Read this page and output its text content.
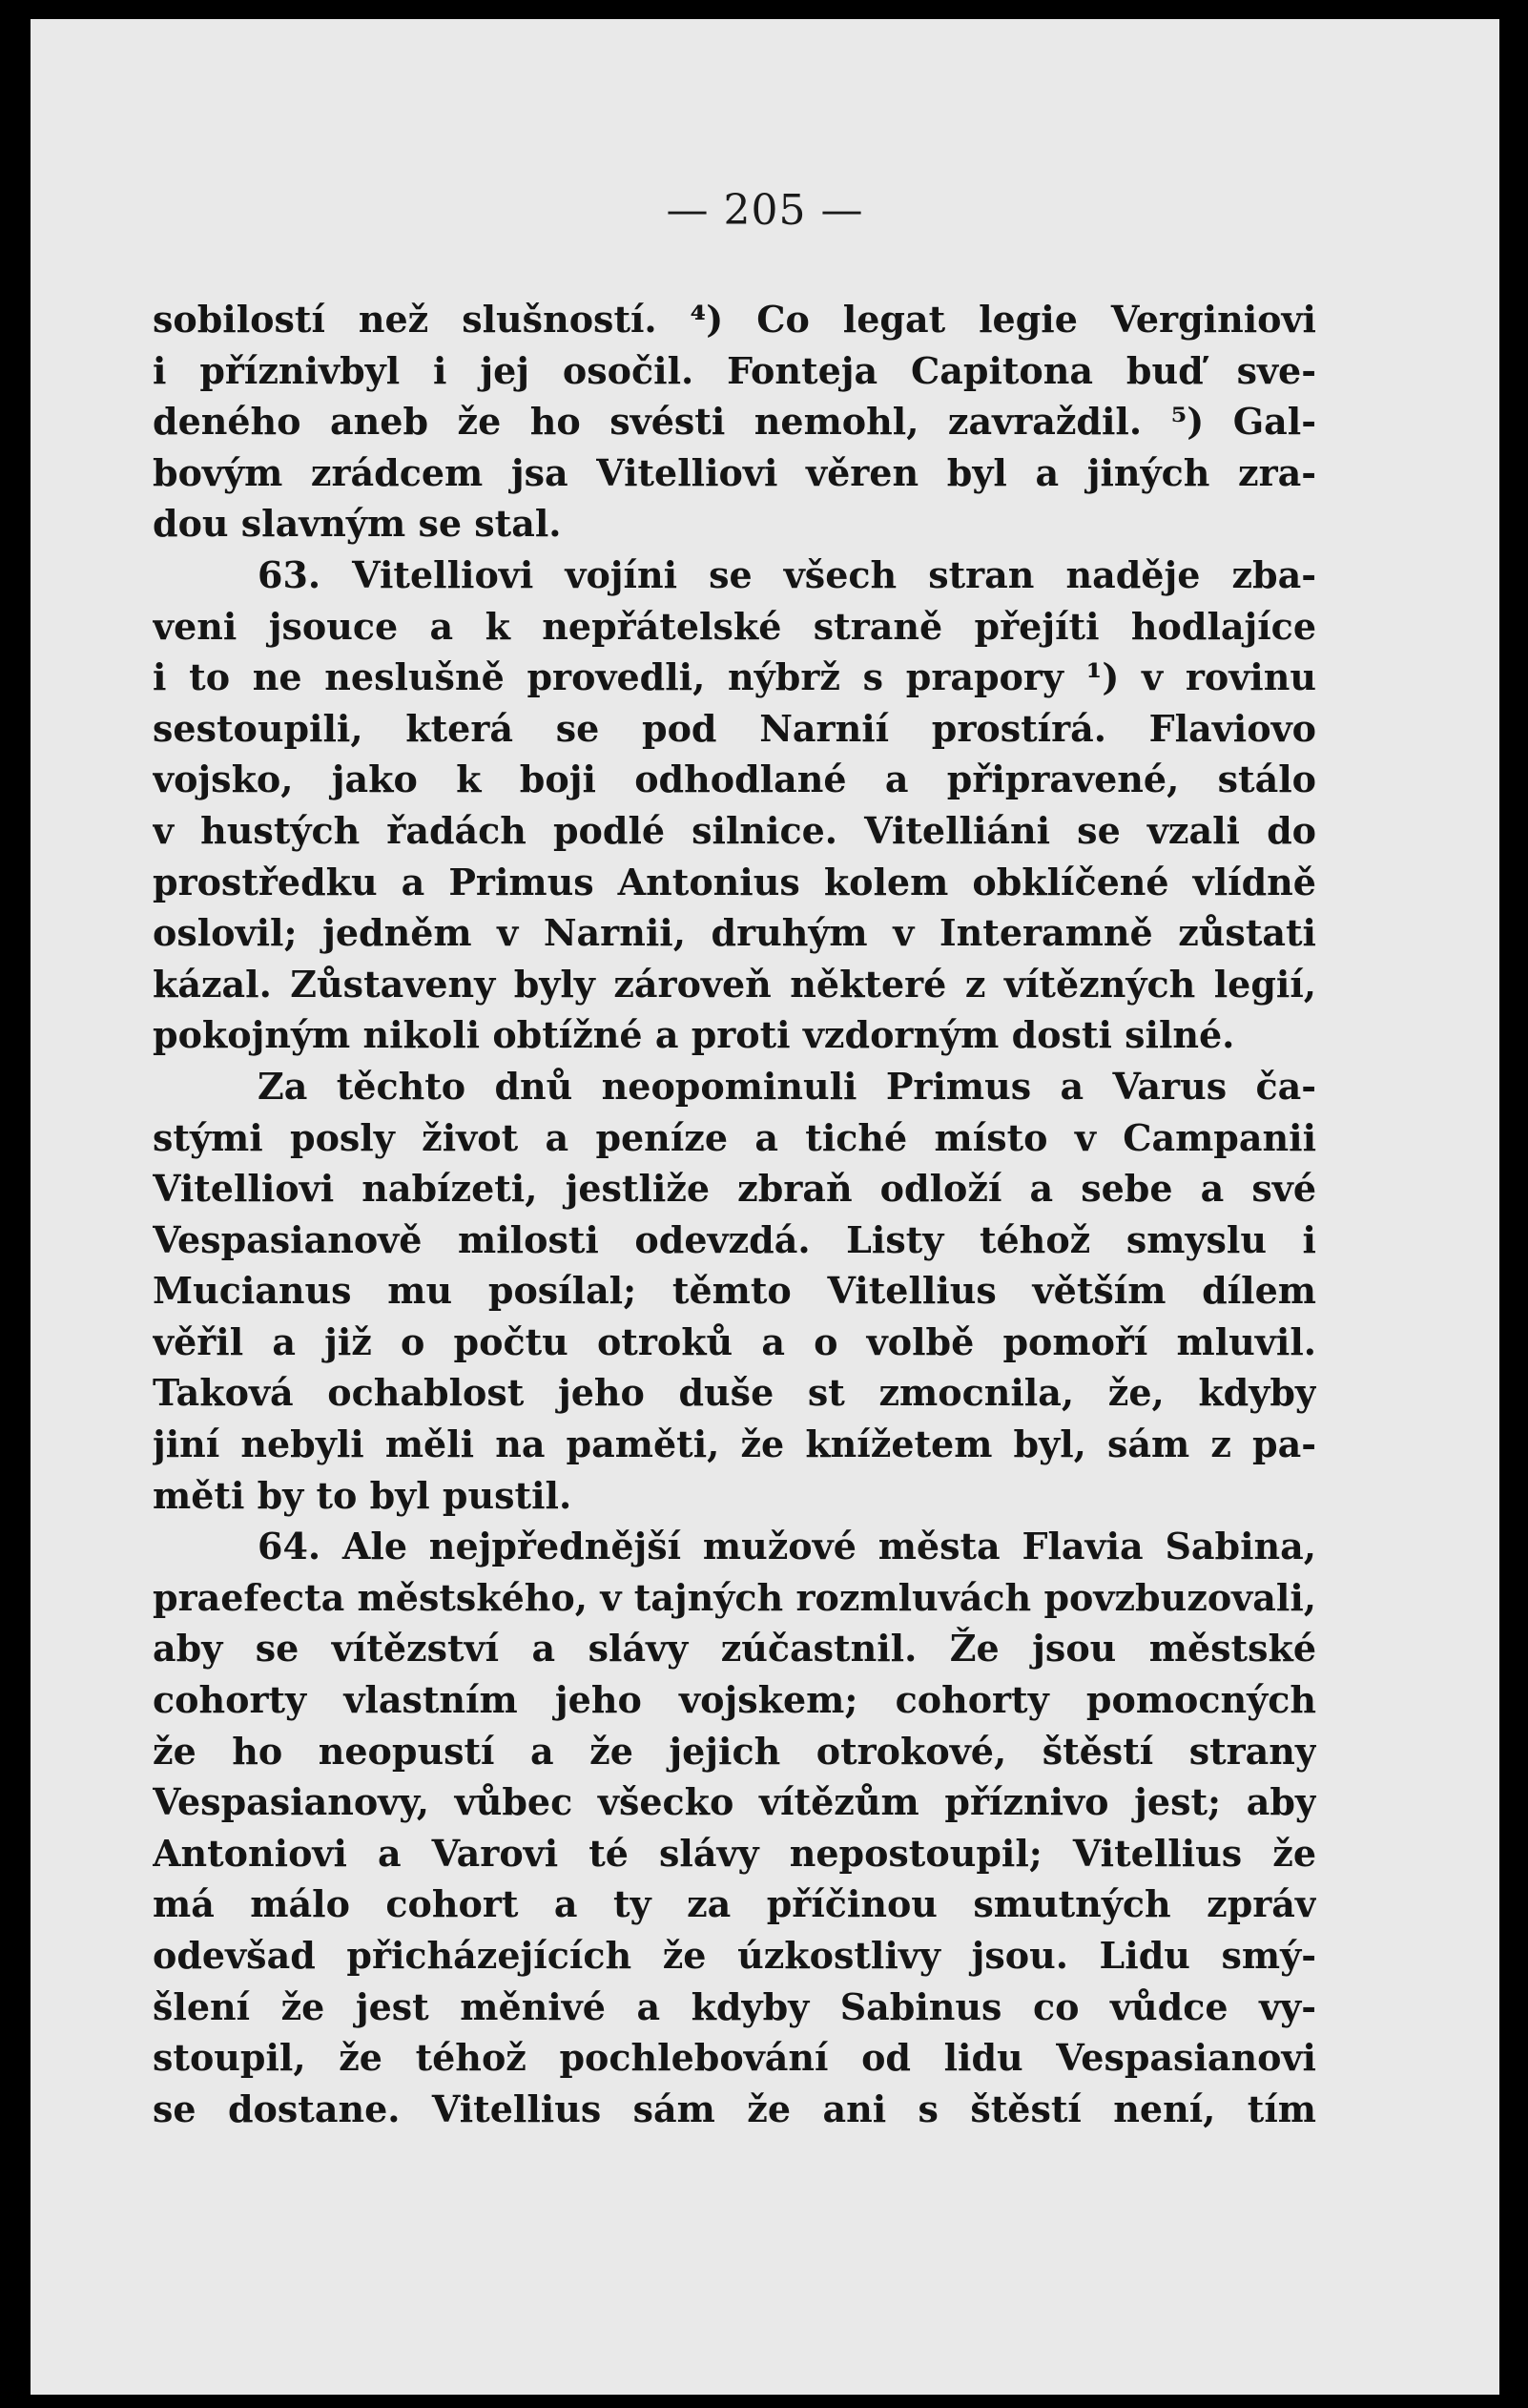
— 205 —
sobilostí než slušností. ⁴) Co legat legie Verginiovi
i příznivbyl i jej osočil. Fonteja Capitona buď sve-
deného aneb že ho svésti nemohl, zavraždil. ⁵) Gal-
bovým zrádcem jsa Vitelliovi věren byl a jiných zra-
dou slavným se stal.
63. Vitelliovi vojíni se všech stran naděje zba-
veni jsouce a k nepřátelské straně přejíti hodlajíce
i to ne neslušně provedli, nýbrž s prapory ¹) v rovinu
sestoupili, která se pod Narnií prostírá. Flaviovo
vojsko, jako k boji odhodlané a připravené, stálo
v hustých řadách podlé silnice. Vitelliáni se vzali do
prostředku a Primus Antonius kolem obklíčené vlídně
oslovil; jedněm v Narnii, druhým v Interamně zůstati
kázal. Zůstaveny byly zároveň některé z vítězných legií,
pokojným nikoli obtížné a proti vzdorným dosti silné.
Za těchto dnů neopominuli Primus a Varus ča-
stými posly život a peníze a tiché místo v Campanii
Vitelliovi nabízeti, jestliže zbraň odloží a sebe a své
Vespasianově milosti odevzdá. Listy téhož smyslu i
Mucianus mu posílal; těmto Vitellius větším dílem
věřil a již o počtu otroků a o volbě pomoří mluvil.
Taková ochablost jeho duše st zmocnila, že, kdyby
jiní nebyli měli na paměti, že knížetem byl, sám z pa-
měti by to byl pustil.
64. Ale nejpřednější mužové města Flavia Sabina,
praefecta městského, v tajných rozmluvách povzbuzovali,
aby se vítězství a slávy zúčastnil. Že jsou městské
cohorty vlastním jeho vojskem; cohorty pomocných
že ho neopustí a že jejich otrokové, štěstí strany
Vespasianovy, vůbec všecko vítězům příznivo jest; aby
Antoniovi a Varovi té slávy nepostoupil; Vitellius že
má málo cohort a ty za příčinou smutných zpráv
odevšad přicházejících že úzkostlivy jsou. Lidu smý-
šlení že jest měnivé a kdyby Sabinus co vůdce vy-
stoupil, že téhož pochlebování od lidu Vespasianovi
se dostane. Vitellius sám že ani s štěstí není, tím
